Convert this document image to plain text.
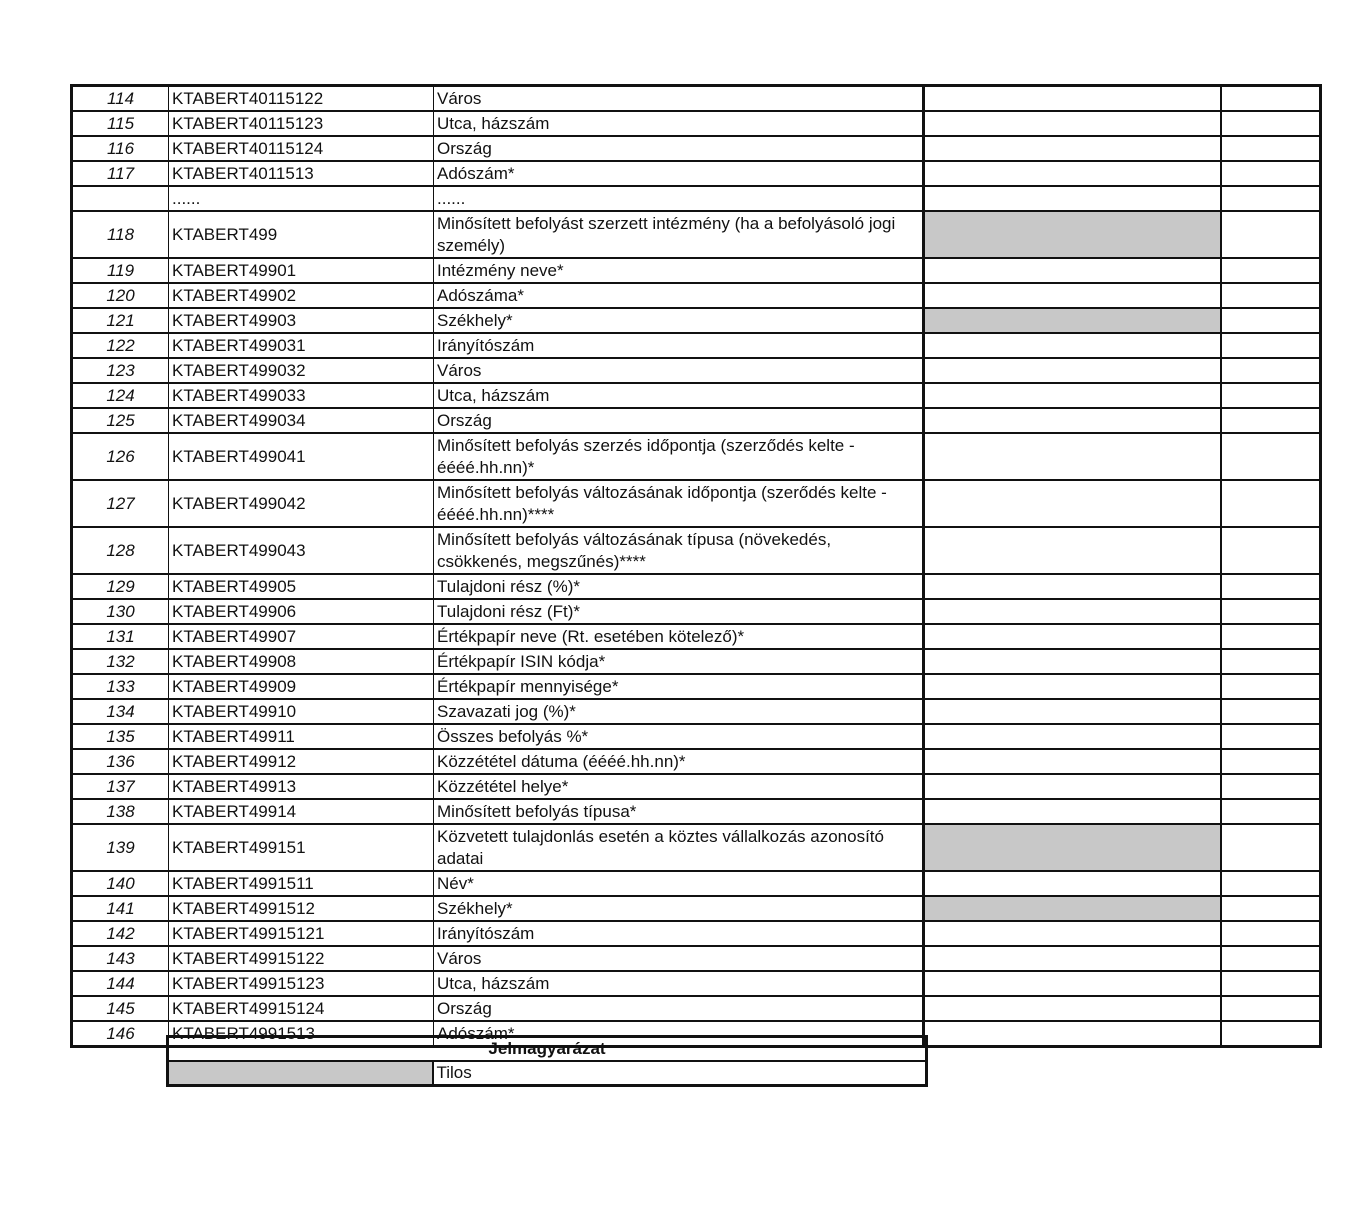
114	KTABERT40115122	Város		
115	KTABERT40115123	Utca, házszám		
116	KTABERT40115124	Ország		
117	KTABERT4011513	Adószám*		
	......	......		
118	KTABERT499	Minősített befolyást szerzett intézmény (ha a befolyásoló jogi személy)		
119	KTABERT49901	Intézmény neve*		
120	KTABERT49902	Adószáma*		
121	KTABERT49903	Székhely*		
122	KTABERT499031	Irányítószám		
123	KTABERT499032	Város		
124	KTABERT499033	Utca, házszám		
125	KTABERT499034	Ország		
126	KTABERT499041	Minősített befolyás szerzés időpontja (szerződés kelte - éééé.hh.nn)*		
127	KTABERT499042	Minősített befolyás változásának időpontja (szerődés kelte - éééé.hh.nn)****		
128	KTABERT499043	Minősített befolyás változásának típusa (növekedés, csökkenés, megszűnés)****		
129	KTABERT49905	Tulajdoni rész (%)*		
130	KTABERT49906	Tulajdoni rész (Ft)*		
131	KTABERT49907	Értékpapír neve (Rt. esetében kötelező)*		
132	KTABERT49908	Értékpapír ISIN kódja*		
133	KTABERT49909	Értékpapír mennyisége*		
134	KTABERT49910	Szavazati jog (%)*		
135	KTABERT49911	Összes befolyás %*		
136	KTABERT49912	Közzététel dátuma (éééé.hh.nn)*		
137	KTABERT49913	Közzététel helye*		
138	KTABERT49914	Minősített befolyás típusa*		
139	KTABERT499151	Közvetett tulajdonlás esetén a köztes vállalkozás azonosító adatai		
140	KTABERT4991511	Név*		
141	KTABERT4991512	Székhely*		
142	KTABERT49915121	Irányítószám		
143	KTABERT49915122	Város		
144	KTABERT49915123	Utca, házszám		
145	KTABERT49915124	Ország		
146	KTABERT4991513	Adószám*		
Jelmagyarázat
	Tilos
